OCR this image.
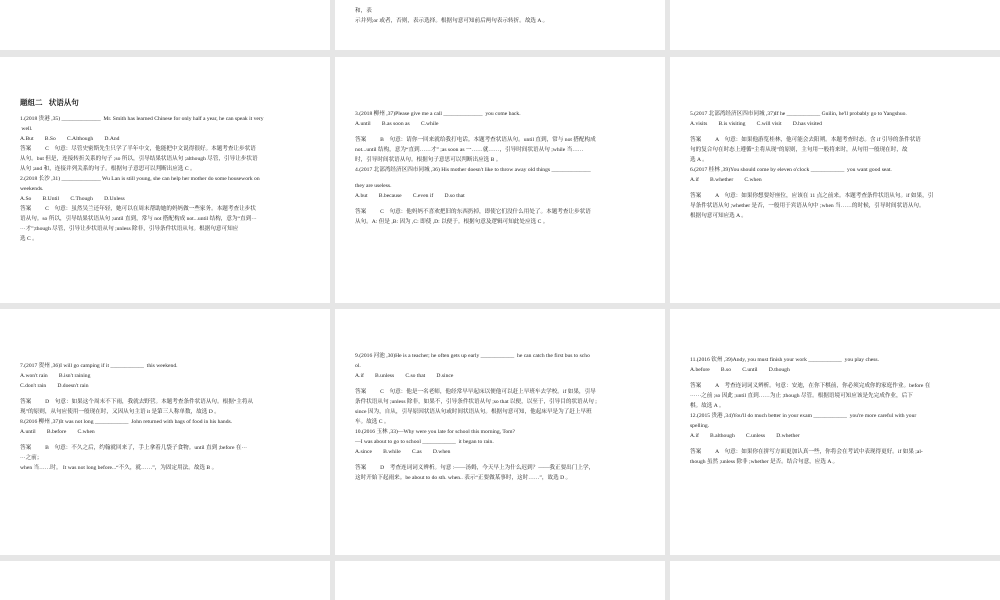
和，表

示并列;or 或者，否则，表示选择。根据句意可知前后两句表示转折。故选 A 。

题组二   状语从句

1.(2018 贵港 ,35) ______________  Mr. Smith has learned Chinese for only half a year, he can speak it very

well.

A.But        B.So        C.Although        D.And

答案          C    句意：尽管史密斯先生只学了半年中文，他能把中文说得很好。本题考查让步状语

从句。but 但是，连接转折关系的句子 ;so 所以，引导结果状语从句 ;although 尽管，引导让步状语

从句 ;and 和，连接并列关系的句子。根据句子意思可以判断出应选 C 。

2.(2018 长沙 ,31) ______________ Wu Lan is still young, she can help her mother do some housework on

weekends.

A.So        B.Until        C.Though        D.Unless

答案          C    句意：虽然吴兰还年轻，她可以在周末帮助她的妈妈做一些家务。本题考查让步状

语从句。so 所以，引导结果状语从句 ;until 直到，常与 not 搭配构成 not...until 结构，意为“直到···

···才”;though 尽管，引导让步状语从句 ;unless 除非，引导条件状语从句。根据句意可知应

选 C 。

3.(2018 柳州 ,37)Please give me a call ______________  you come back.

A.until        B.as soon as        C.while

答案          B    句意：请你一回来就给我打电话。本题考查状语从句。until 直到，常与 not 搭配构成

not...until 结构，意为“直到……才” ;as soon as 一……就……，引导时间状语从句 ;while 当……

时，引导时间状语从句。根据句子意思可以判断出应选 B 。

4.(2017 北部湾经济区四市同城 ,36) His mother doesn't like to throw away old things ______________

they are useless.

A.but        B.because        C.even if        D.so that

答案          C    句意：他妈妈不喜欢把旧的东西扔掉，即使它们没什么用处了。本题考查让步状语

从句。A: 但是 ,B: 因为 ,C: 即使 ,D: 以便于。根据句意及逻辑可知此处应选 C 。

5.(2017 北部湾经济区四市同城 ,37)If he ____________ Guilin, he'll probably go to Yangshuo.

A.visits        B.is visiting        C.will visit        D.has visited

答案          A    句意：如果他游览桂林，他可能会去阳朔。本题考查时态。含 if 引导的条件状语

句的复合句在时态上遵循“主将从现”的原则，主句用一般将来时，从句用一般现在时，故

选 A 。

6.(2017 桂林 ,39)You should come by eleven o'clock ____________  you want good seat.

A.if        B.whether        C.when

答案          A    句意：如果你想要好座位，应该在 11 点之前来。本题考查条件状语从句。if 如果，引

导条件状语从句 ;whether 是否，一般用于宾语从句中 ;when 当……的时候，引导时间状语从句。

根据句意可知应选 A 。

7.(2017 贺州 ,36)I will go camping if it ____________  this weekend.

A.won't rain        B.isn't raining

C.don't rain        D.doesn't rain

答案          D    句意：如果这个周末不下雨，我就去野营。本题考查条件状语从句。根据“主将从

现”的原则，从句应使用一般现在时，又因从句主语 it 是第三人称单数，故选 D 。

8.(2016 柳州 ,37)It was not long ____________  John returned with bags of food in his hands.

A.until        B.before        C.when

答案          B    句意：不久之后，约翰就回来了，手上拿着几袋子食物。until 直到 ;before 在···

···之前；

when 当……时。 It was not long before...“不久，就……”，为固定用法。故选 B 。

9.(2016 河池 ,30)He is a teacher; he often gets up early ____________  he can catch the first bus to scho

ol.

A.if        B.unless        C.so that        D.since

答案          C    句意：他是一名老师，他经常早早起床以便他可以赶上早班车去学校。if 如果，引导

条件状语从句 ;unless 除非，如果不，引导条件状语从句 ;so that 以便，以至于，引导目的状语从句 ;

since 因为，自从，引导原因状语从句或时间状语从句。根据句意可知，他起床早是为了赶上早班

车。故选 C 。

10.(2016 玉林 ,33)—Why were you late for school this morning, Tom?

—I was about to go to school ____________  it began to rain.

A.since        B.while        C.as        D.when

答案          D    考查连词词义辨析。句意 :——汤姆，今天早上为什么迟到？——我正要出门上学，

这时开始下起雨来。be about to do sth. when.. 表示“正要做某事时，这时……”，故选 D 。

11.(2016 钦州 ,39)Andy, you must finish your work ____________  you play chess.

A.before        B.so        C.until        D.though

答案          A    考查连词词义辨析。句意：安迪，在你下棋前，你必须完成你的家庭作业。before 在

······之前 ;so 因此 ;until 直到……为止 ;though 尽管。根据语境可知应该是先完成作业，后下

棋。故选 A 。

12.(2015 贵港 ,34)You'll do much better in your exam ____________  you're more careful with your

spelling.

A.if        B.although        C.unless        D.whether

答案          A    句意：如果你在拼写方面更加认真一些，你将会在考试中表现得更好。if 如果 ;al-

though 虽然 ;unless 除非 ;whether 是否。结合句意，应选 A 。
